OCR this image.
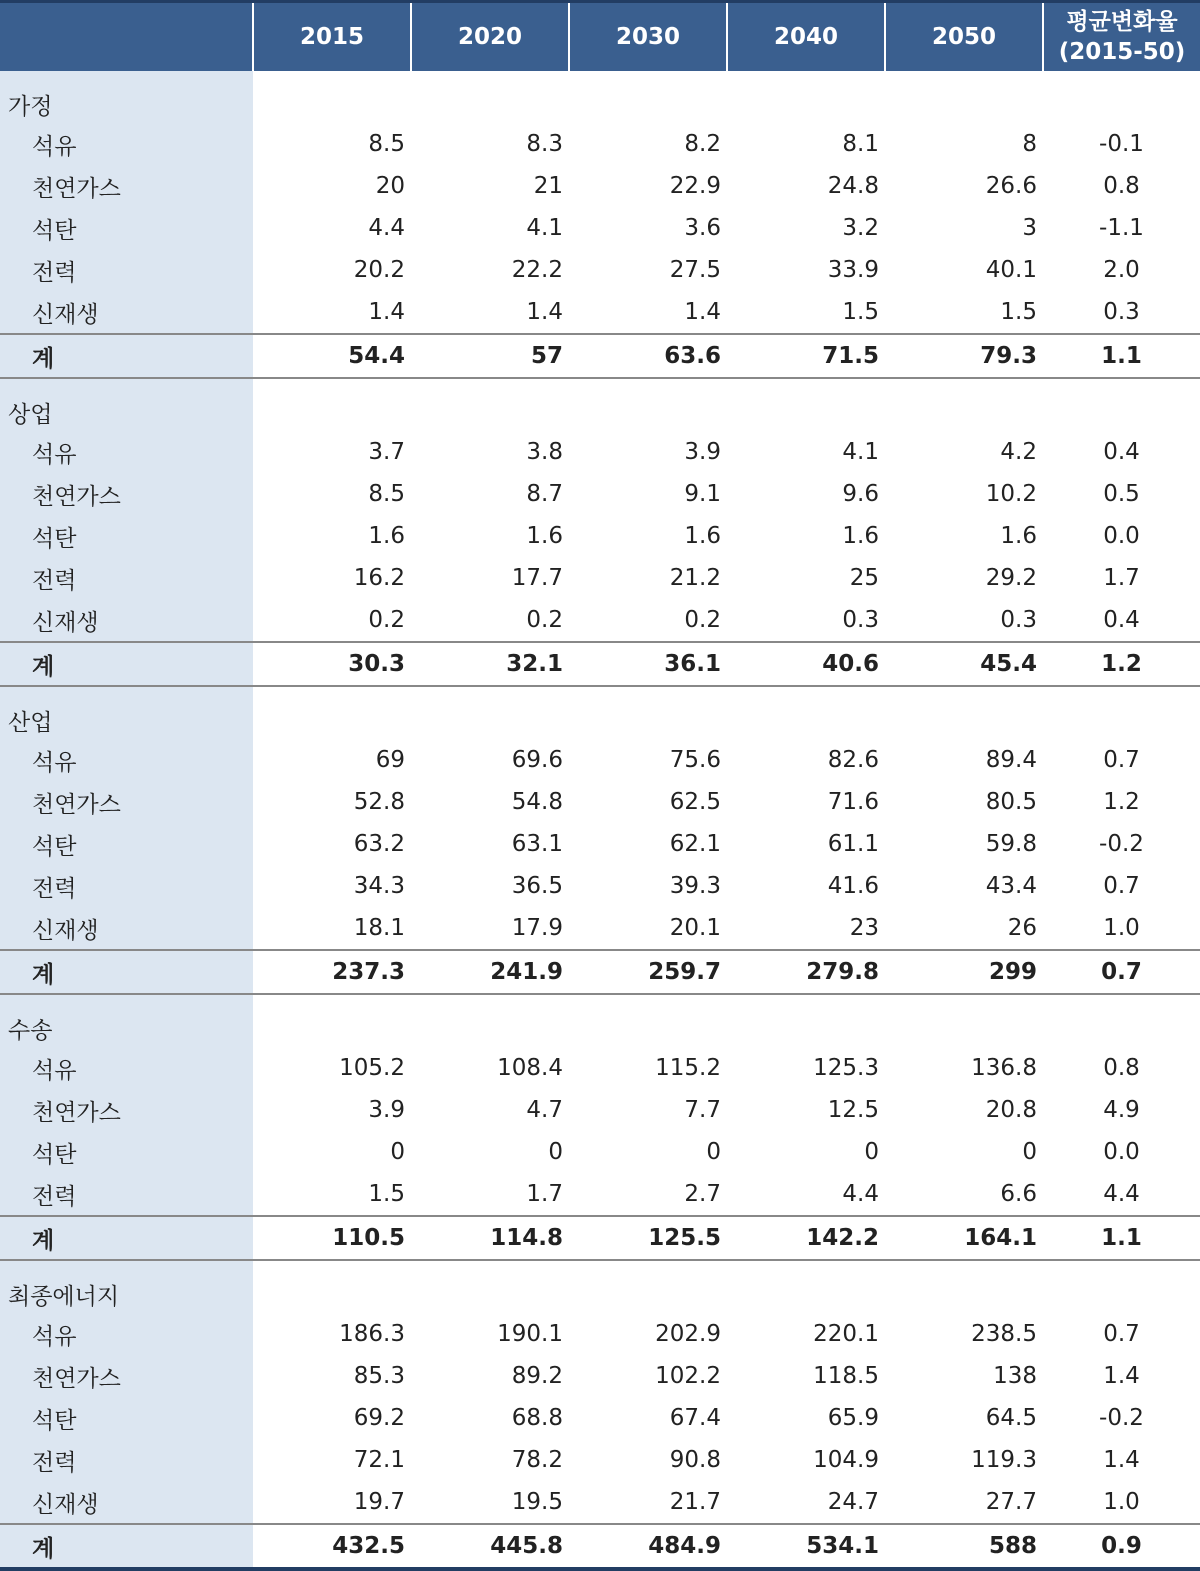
	2015	2020	2030	2040	2050	평균변화율
(2015-50)

가정						
석유	8.5	8.3	8.2	8.1	8	-0.1
천연가스	20	21	22.9	24.8	26.6	0.8
석탄	4.4	4.1	3.6	3.2	3	-1.1
전력	20.2	22.2	27.5	33.9	40.1	2.0
신재생	1.4	1.4	1.4	1.5	1.5	0.3
계	54.4	57	63.6	71.5	79.3	1.1
상업						
석유	3.7	3.8	3.9	4.1	4.2	0.4
천연가스	8.5	8.7	9.1	9.6	10.2	0.5
석탄	1.6	1.6	1.6	1.6	1.6	0.0
전력	16.2	17.7	21.2	25	29.2	1.7
신재생	0.2	0.2	0.2	0.3	0.3	0.4
계	30.3	32.1	36.1	40.6	45.4	1.2
산업						
석유	69	69.6	75.6	82.6	89.4	0.7
천연가스	52.8	54.8	62.5	71.6	80.5	1.2
석탄	63.2	63.1	62.1	61.1	59.8	-0.2
전력	34.3	36.5	39.3	41.6	43.4	0.7
신재생	18.1	17.9	20.1	23	26	1.0
계	237.3	241.9	259.7	279.8	299	0.7
수송						
석유	105.2	108.4	115.2	125.3	136.8	0.8
천연가스	3.9	4.7	7.7	12.5	20.8	4.9
석탄	0	0	0	0	0	0.0
전력	1.5	1.7	2.7	4.4	6.6	4.4
계	110.5	114.8	125.5	142.2	164.1	1.1
최종에너지						
석유	186.3	190.1	202.9	220.1	238.5	0.7
천연가스	85.3	89.2	102.2	118.5	138	1.4
석탄	69.2	68.8	67.4	65.9	64.5	-0.2
전력	72.1	78.2	90.8	104.9	119.3	1.4
신재생	19.7	19.5	21.7	24.7	27.7	1.0
계	432.5	445.8	484.9	534.1	588	0.9
